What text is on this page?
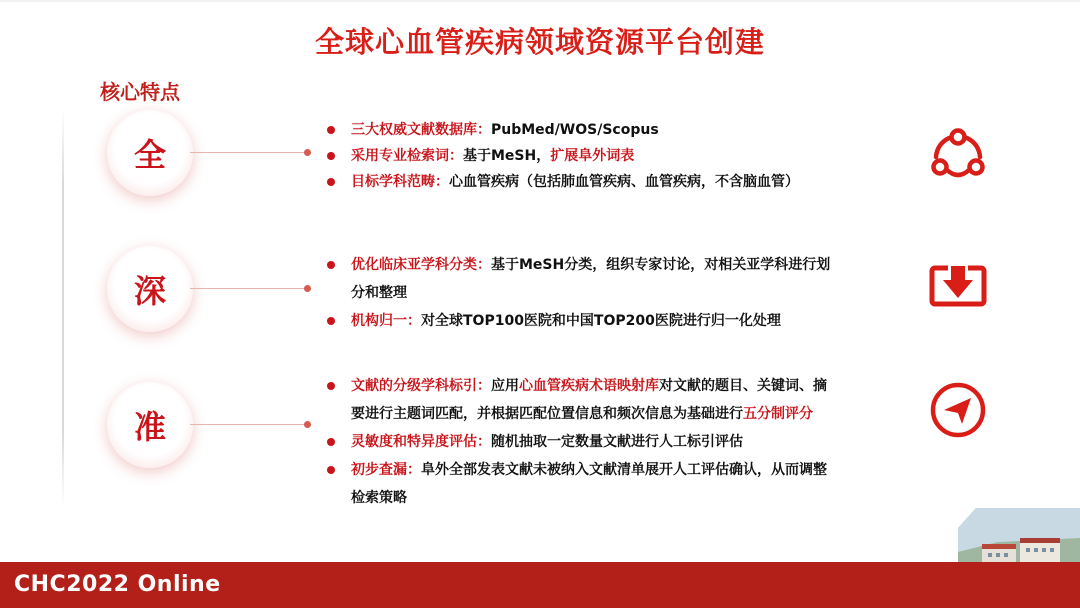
全球心血管疾病领域资源平台创建
核心特点
全
深
准
三大权威文献数据库：PubMed/WOS/Scopus
采用专业检索词：基于MeSH，扩展阜外词表
目标学科范畴：心血管疾病（包括肺血管疾病、血管疾病，不含脑血管）
优化临床亚学科分类：基于MeSH分类，组织专家讨论，对相关亚学科进行划
分和整理
机构归一：对全球TOP100医院和中国TOP200医院进行归一化处理
文献的分级学科标引：应用心血管疾病术语映射库对文献的题目、关键词、摘
要进行主题词匹配，并根据匹配位置信息和频次信息为基础进行五分制评分
灵敏度和特异度评估：随机抽取一定数量文献进行人工标引评估
初步查漏：阜外全部发表文献未被纳入文献清单展开人工评估确认，从而调整
检索策略
CHC2022 Online
